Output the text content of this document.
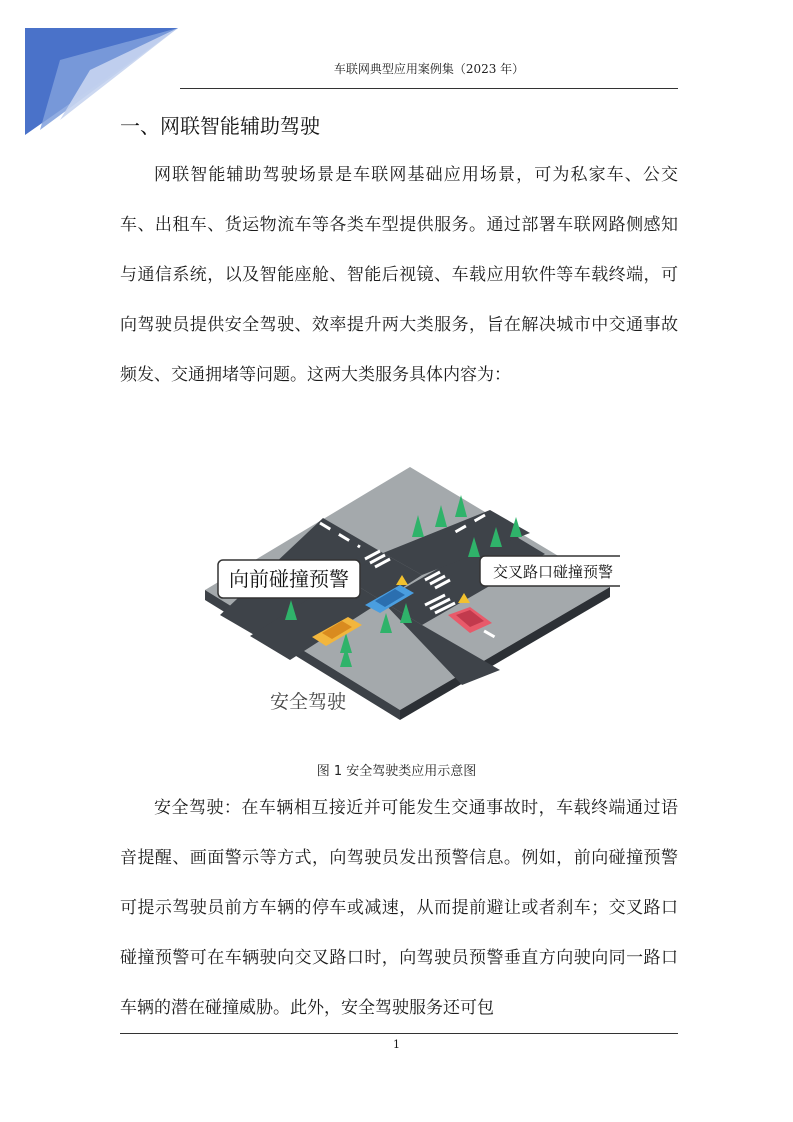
车联网典型应用案例集（2023 年）
一、网联智能辅助驾驶

网联智能辅助驾驶场景是车联网基础应用场景，可为私家车、公交车、出租车、货运物流车等各类车型提供服务。通过部署车联网路侧感知与通信系统，以及智能座舱、智能后视镜、车载应用软件等车载终端，可向驾驶员提供安全驾驶、效率提升两大类服务，旨在解决城市中交通事故频发、交通拥堵等问题。这两大类服务具体内容为：

向前碰撞预警	交叉路口碰撞预警
安全驾驶
图 1 安全驾驶类应用示意图

安全驾驶：在车辆相互接近并可能发生交通事故时，车载终端通过语音提醒、画面警示等方式，向驾驶员发出预警信息。例如，前向碰撞预警可提示驾驶员前方车辆的停车或减速，从而提前避让或者刹车；交叉路口碰撞预警可在车辆驶向交叉路口时，向驾驶员预警垂直方向驶向同一路口车辆的潜在碰撞威胁。此外，安全驾驶服务还可包

1
